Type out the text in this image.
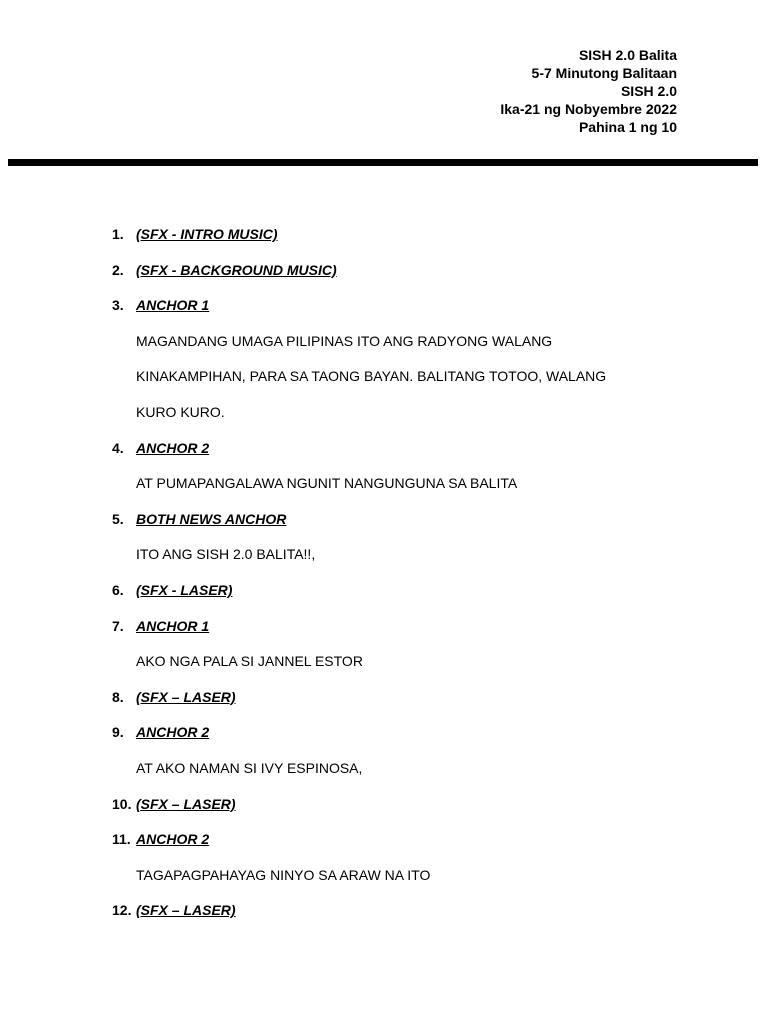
SISH 2.0 Balita
5-7 Minutong Balitaan
SISH 2.0
Ika-21 ng Nobyembre 2022
Pahina 1 ng 10
1. (SFX - INTRO MUSIC)
2. (SFX - BACKGROUND MUSIC)
3. ANCHOR 1
MAGANDANG UMAGA PILIPINAS ITO ANG RADYONG WALANG
KINAKAMPIHAN, PARA SA TAONG BAYAN. BALITANG TOTOO, WALANG
KURO KURO.
4. ANCHOR 2
AT PUMAPANGALAWA NGUNIT NANGUNGUNA SA BALITA
5. BOTH NEWS ANCHOR
ITO ANG SISH 2.0 BALITA!!,
6. (SFX - LASER)
7. ANCHOR 1
AKO NGA PALA SI JANNEL ESTOR
8. (SFX – LASER)
9. ANCHOR 2
AT AKO NAMAN SI IVY ESPINOSA,
10. (SFX – LASER)
11. ANCHOR 2
TAGAPAGPAHAYAG NINYO SA ARAW NA ITO
12. (SFX – LASER)
